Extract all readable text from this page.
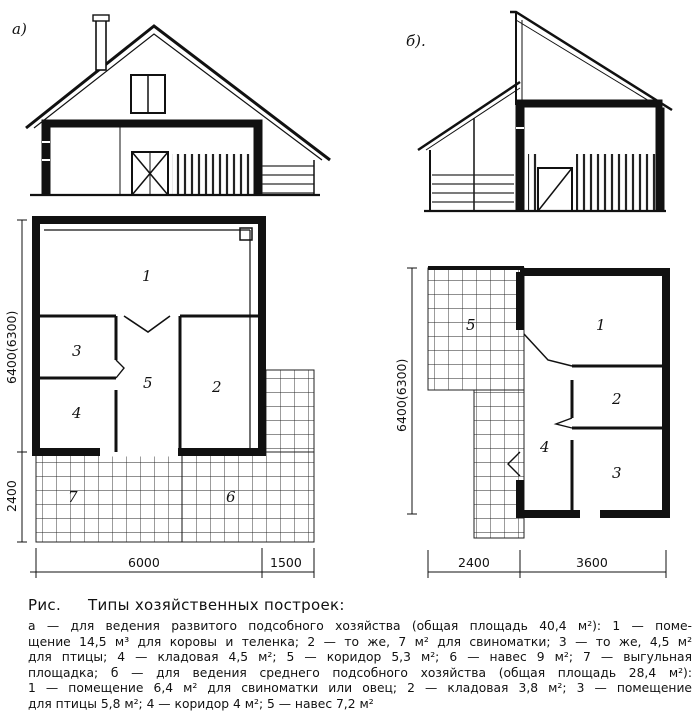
а)
б).
1
3
4
5	2
7	6
5	1
2
4
3
6400(6300)
2400
6000	1500
6400(6300)
2400	3600
Рис. Типы хозяйственных построек:
а — для ведения развитого подсобного хозяйства (общая площадь 40,4 м²): 1 — поме-
щение 14,5 м³ для коровы и теленка; 2 — то же, 7 м² для свиноматки; 3 — то же, 4,5 м²
для птицы; 4 — кладовая 4,5 м²; 5 — коридор 5,3 м²; 6 — навес 9 м²; 7 — выгульная
площадка; б — для ведения среднего подсобного хозяйства (общая площадь 28,4 м²):
1 — помещение 6,4 м² для свиноматки или овец; 2 — кладовая 3,8 м²; 3 — помещение
для птицы 5,8 м²; 4 — коридор 4 м²; 5 — навес 7,2 м²
